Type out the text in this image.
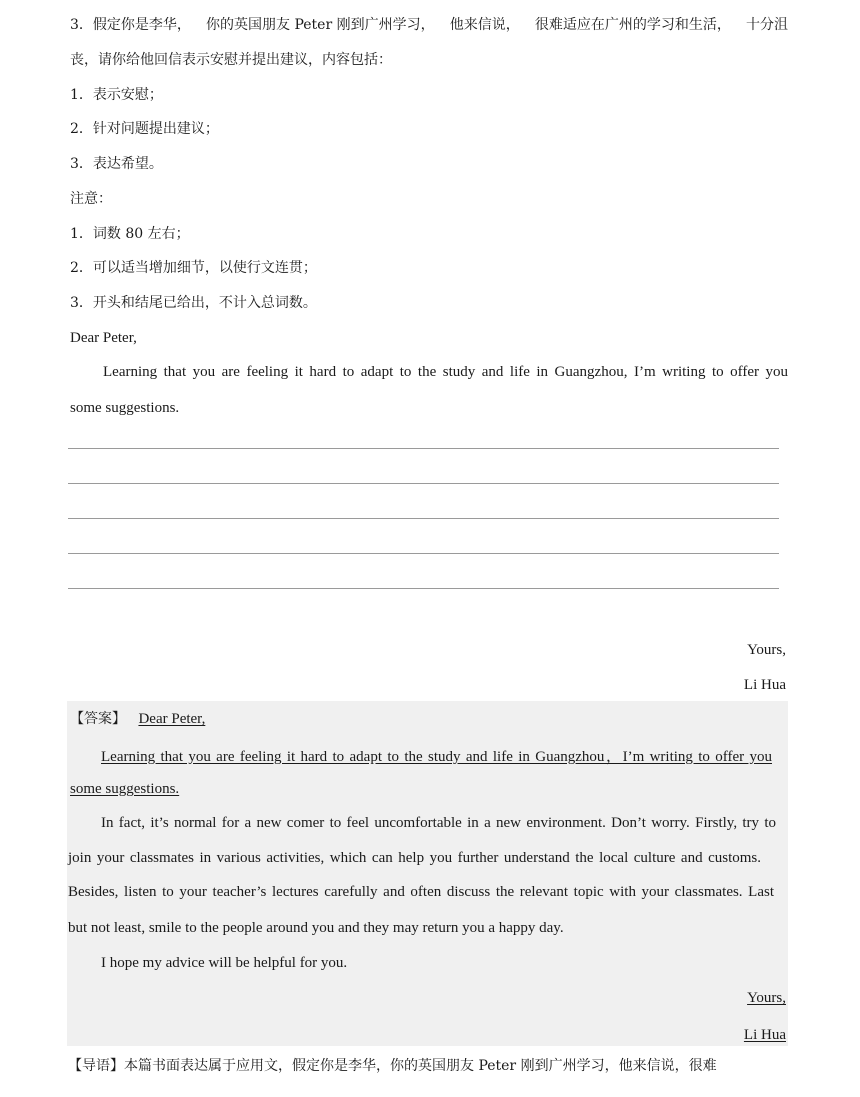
3．假定你是李华， 你的英国朋友 Peter 刚到广州学习， 他来信说， 很难适应在广州的学习和生活， 十分沮
丧，请你给他回信表示安慰并提出建议，内容包括：
1．表示安慰；
2．针对问题提出建议；
3．表达希望。
注意：
1．词数 80 左右；
2．可以适当增加细节，以使行文连贯；
3．开头和结尾已给出，不计入总词数。
Dear Peter,
Learning that you are feeling it hard to adapt to the study and life in Guangzhou, I’m writing to offer you
some suggestions.
Yours,
Li Hua
【答案】 Dear Peter,
Learning that you are feeling it hard to adapt to the study and life in Guangzhou，I’m writing to offer you
some suggestions.
In fact, it’s normal for a new comer to feel uncomfortable in a new environment. Don’t worry. Firstly, try to
join your classmates in various activities, which can help you further understand the local culture and customs.
Besides, listen to your teacher’s lectures carefully and often discuss the relevant topic with your classmates. Last
but not least, smile to the people around you and they may return you a happy day.
I hope my advice will be helpful for you.
Yours,
Li Hua
【导语】本篇书面表达属于应用文，假定你是李华，你的英国朋友 Peter 刚到广州学习，他来信说，很难
